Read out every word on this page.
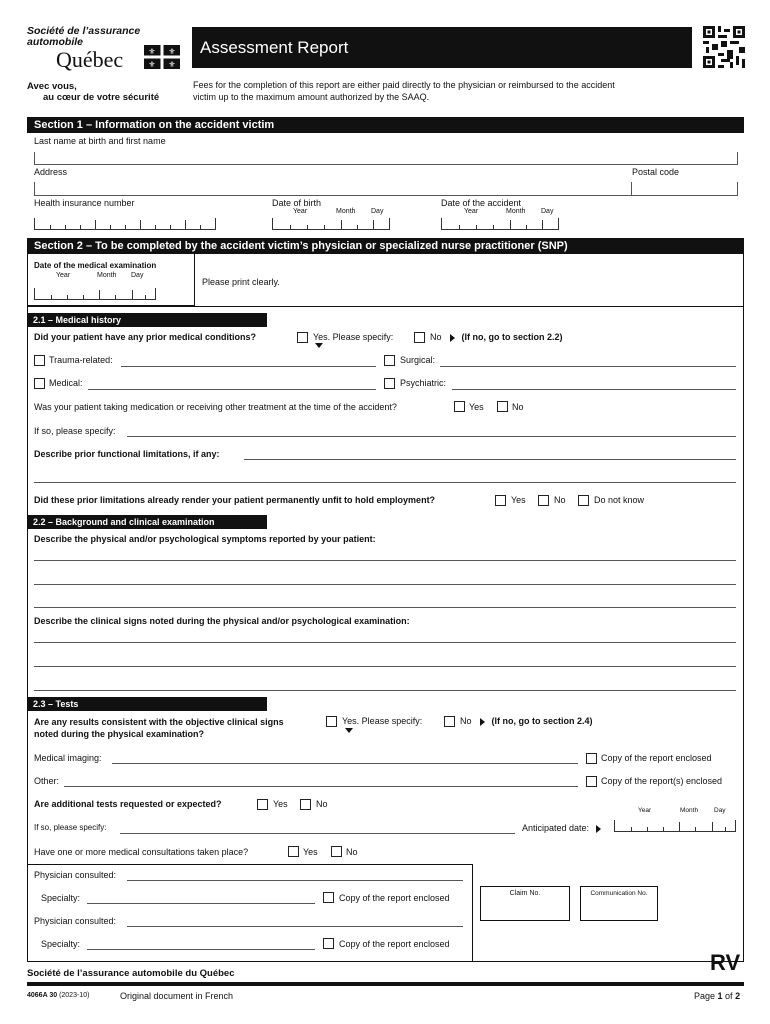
Société de l’assurance
automobile
Québec	⚜ ⚜
⚜ ⚜
Avec vous,
au cœur de votre sécurité
Assessment Report
Fees for the completion of this report are either paid directly to the physician or reimbursed to the accident
victim up to the maximum amount authorized by the SAAQ.
Section 1 – Information on the accident victim
Last name at birth and first name
Address	Postal code
Health insurance number	Date of birth
Year	Month Day
Date of the accident
Year	Month Day
Section 2 – To be completed by the accident victim’s physician or specialized nurse practitioner (SNP)
Date of the medical examination
Year	Month Day
Please print clearly.
2.1 – Medical history
Did your patient have any prior medical conditions?	Yes. Please specify:	No (If no, go to section 2.2)
Trauma-related:	Surgical:
Medical:	Psychiatric:
Was your patient taking medication or receiving other treatment at the time of the accident?	Yes	No
If so, please specify:
Describe prior functional limitations, if any:
Did these prior limitations already render your patient permanently unfit to hold employment?	Yes	No	Do not know
2.2 – Background and clinical examination
Describe the physical and/or psychological symptoms reported by your patient:
Describe the clinical signs noted during the physical and/or psychological examination:
2.3 – Tests
Are any results consistent with the objective clinical signs
noted during the physical examination?
Yes. Please specify:	No (If no, go to section 2.4)
Medical imaging:	Copy of the report enclosed
Other:	Copy of the report(s) enclosed
Are additional tests requested or expected?	Yes	No
Year	Month Day
If so, please specify:	Anticipated date:
Have one or more medical consultations taken place?	Yes	No
Physician consulted:
Specialty:	Copy of the report enclosed
Physician consulted:
Specialty:	Copy of the report enclosed
Claim No.	Communication No.
Société de l’assurance automobile du Québec	RV
4066A 30 (2023-10)	Original document in French	Page 1 of 2
